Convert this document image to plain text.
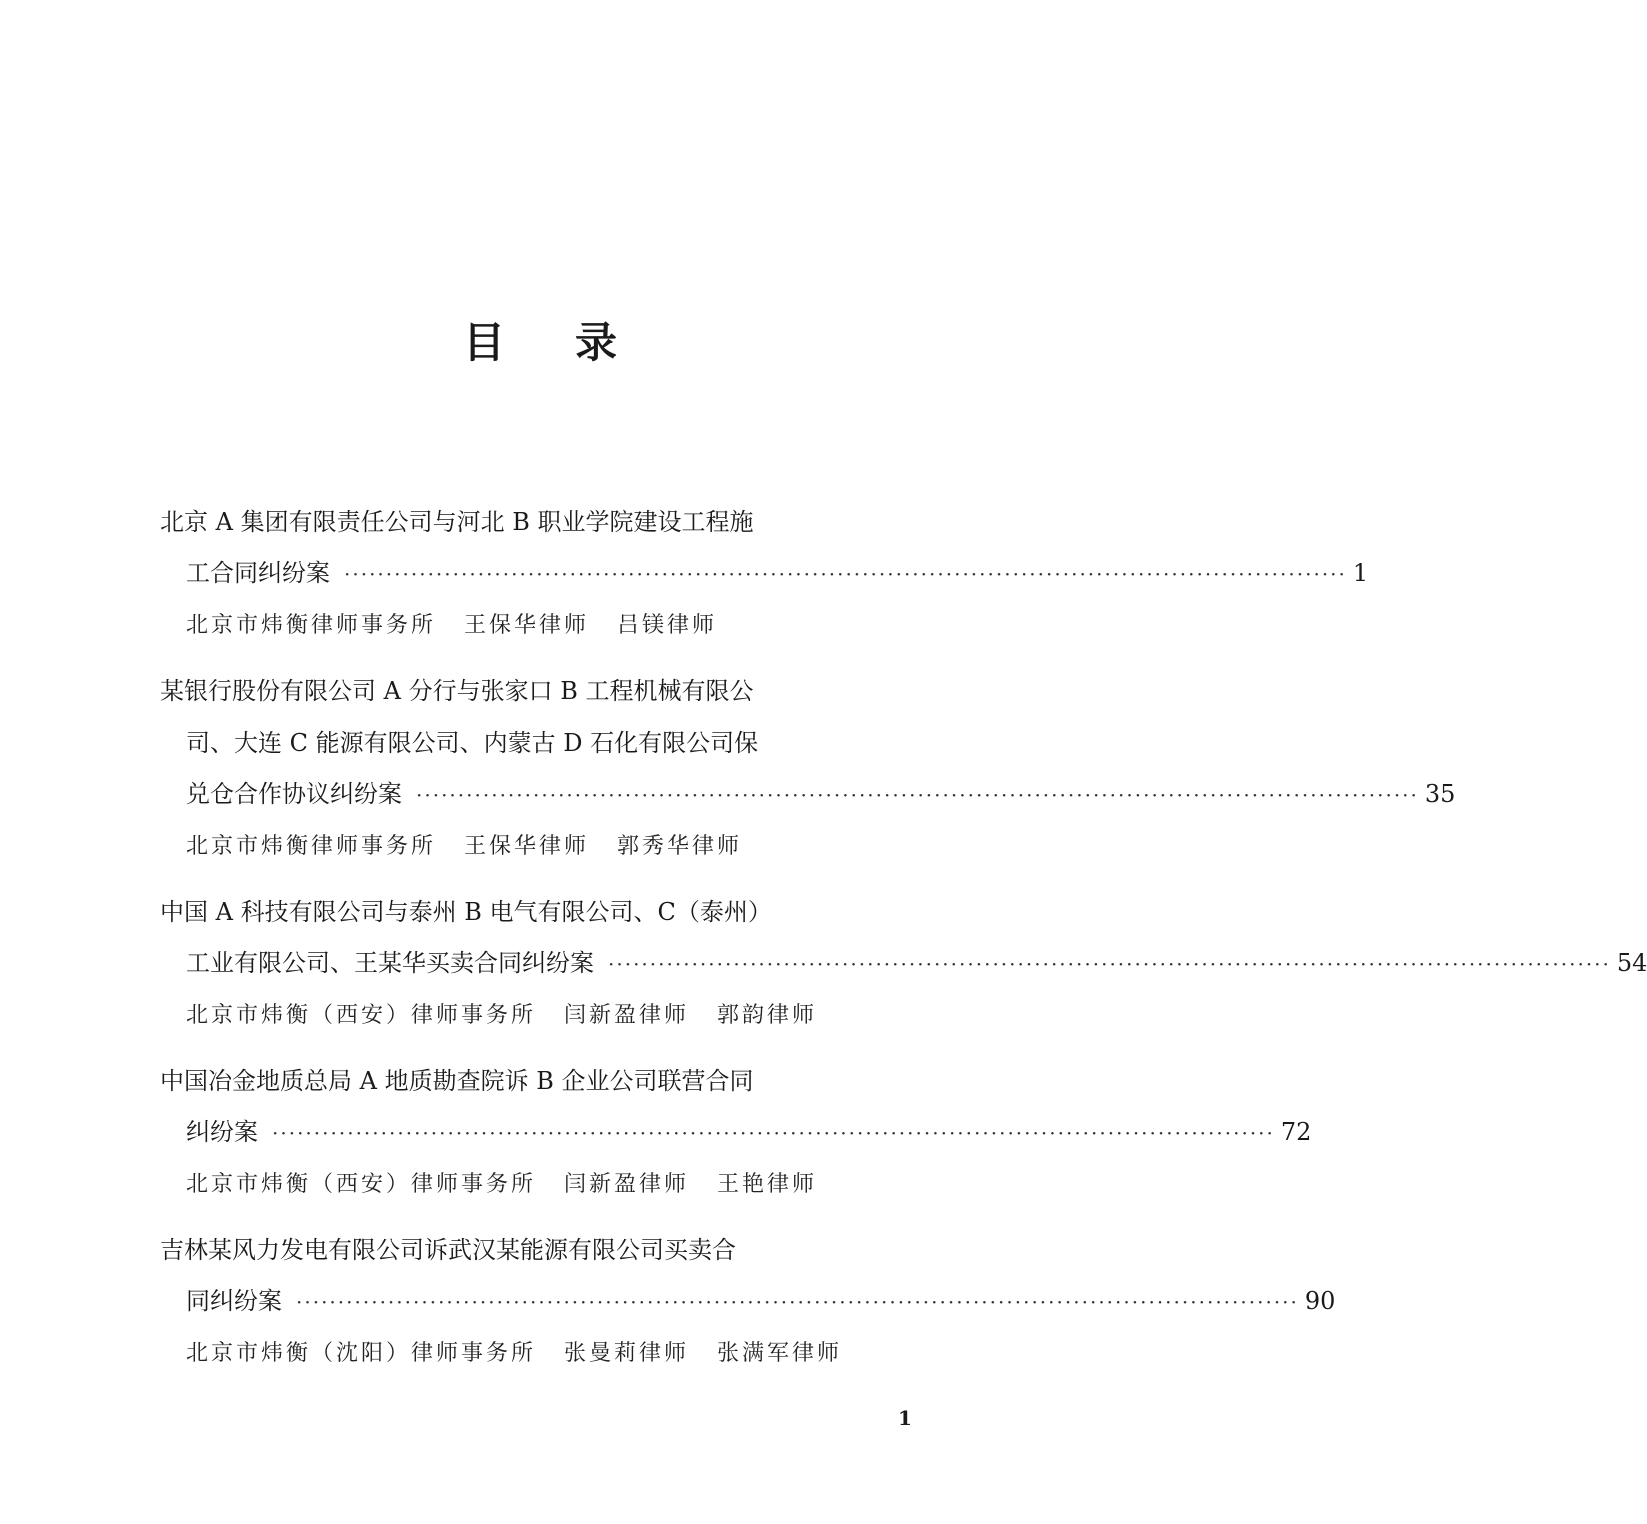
目录
北京 A 集团有限责任公司与河北 B 职业学院建设工程施
工合同纠纷案 ························································································································ 1
北京市炜衡律师事务所 王保华律师 吕镁律师
某银行股份有限公司 A 分行与张家口 B 工程机械有限公
司、大连 C 能源有限公司、内蒙古 D 石化有限公司保
兑仓合作协议纠纷案 ························································································································ 35
北京市炜衡律师事务所 王保华律师 郭秀华律师
中国 A 科技有限公司与泰州 B 电气有限公司、C（泰州）
工业有限公司、王某华买卖合同纠纷案 ························································································································ 54
北京市炜衡（西安）律师事务所 闫新盈律师 郭韵律师
中国冶金地质总局 A 地质勘查院诉 B 企业公司联营合同
纠纷案 ························································································································ 72
北京市炜衡（西安）律师事务所 闫新盈律师 王艳律师
吉林某风力发电有限公司诉武汉某能源有限公司买卖合
同纠纷案 ························································································································ 90
北京市炜衡（沈阳）律师事务所 张曼莉律师 张满军律师
1
